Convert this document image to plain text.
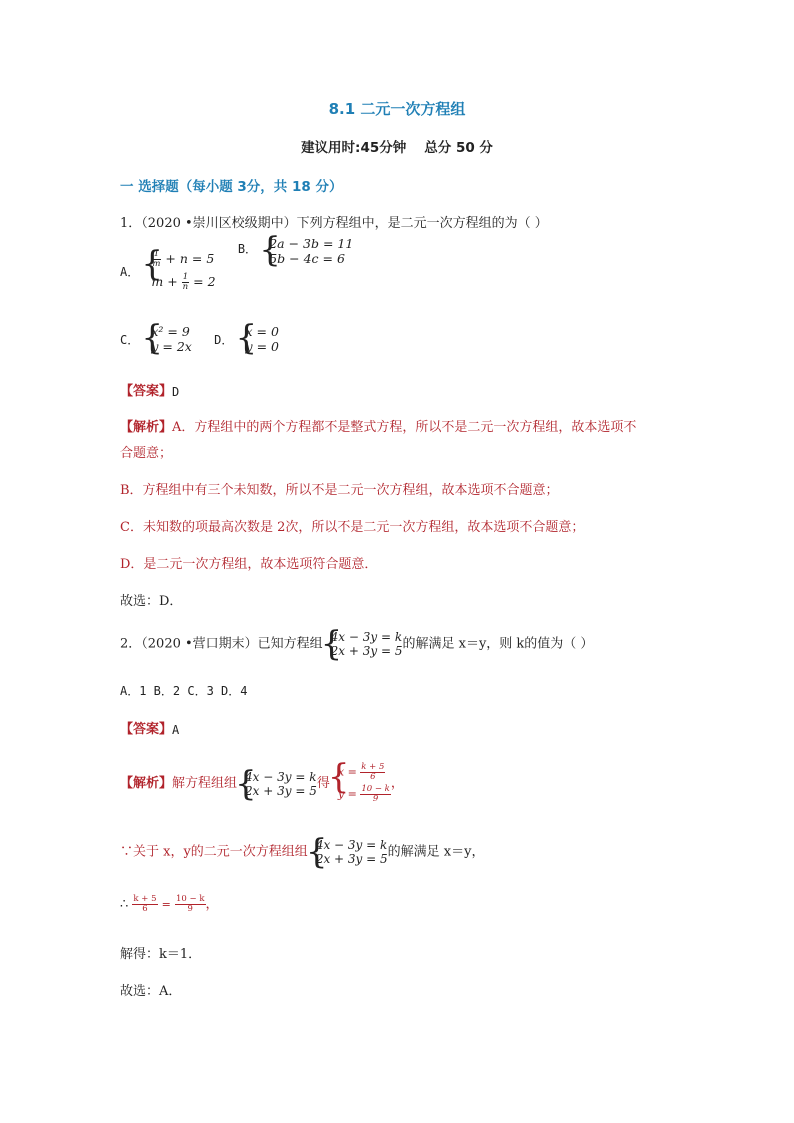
8.1 二元一次方程组
建议用时:45分钟 总分 50 分
一 选择题（每小题 3分，共 18 分）
1．（2020 •崇川区校级期中）下列方程组中，是二元一次方程组的为（ ）
A．
{ $\frac{1}{m} + n = 5$
$m + \frac{1}{n} = 2$
B． { 2a − 3b = 11
5b − 4c = 6
C．
{ x² = 9
y = 2x D．
{ x = 0
y = 0
【答案】D
【解析】A．方程组中的两个方程都不是整式方程，所以不是二元一次方程组，故本选项不
合题意；
B．方程组中有三个未知数，所以不是二元一次方程组，故本选项不合题意；
C．未知数的项最高次数是 2次，所以不是二元一次方程组，故本选项不合题意；
D．是二元一次方程组，故本选项符合题意．
故选：D．
2．（2020 •营口期末）已知方程组 { 4x − 3y = k
2x + 3y = 5 的解满足 x＝y，则 k的值为（ ）
A．1 B．2 C．3 D．4
【答案】A
【解析】解方程组组 { 4x − 3y = k
2x + 3y = 5 得
{ $x = \frac{k + 5}{6}$
$y = \frac{10 - k}{9}$
，
∵关于 x，y的二元一次方程组组 { 4x − 3y = k
2x + 3y = 5 的解满足 x＝y，
∴ $\frac{k + 5}{6} = \frac{10 - k}{9}$ ，
解得：k＝1．
故选：A．
